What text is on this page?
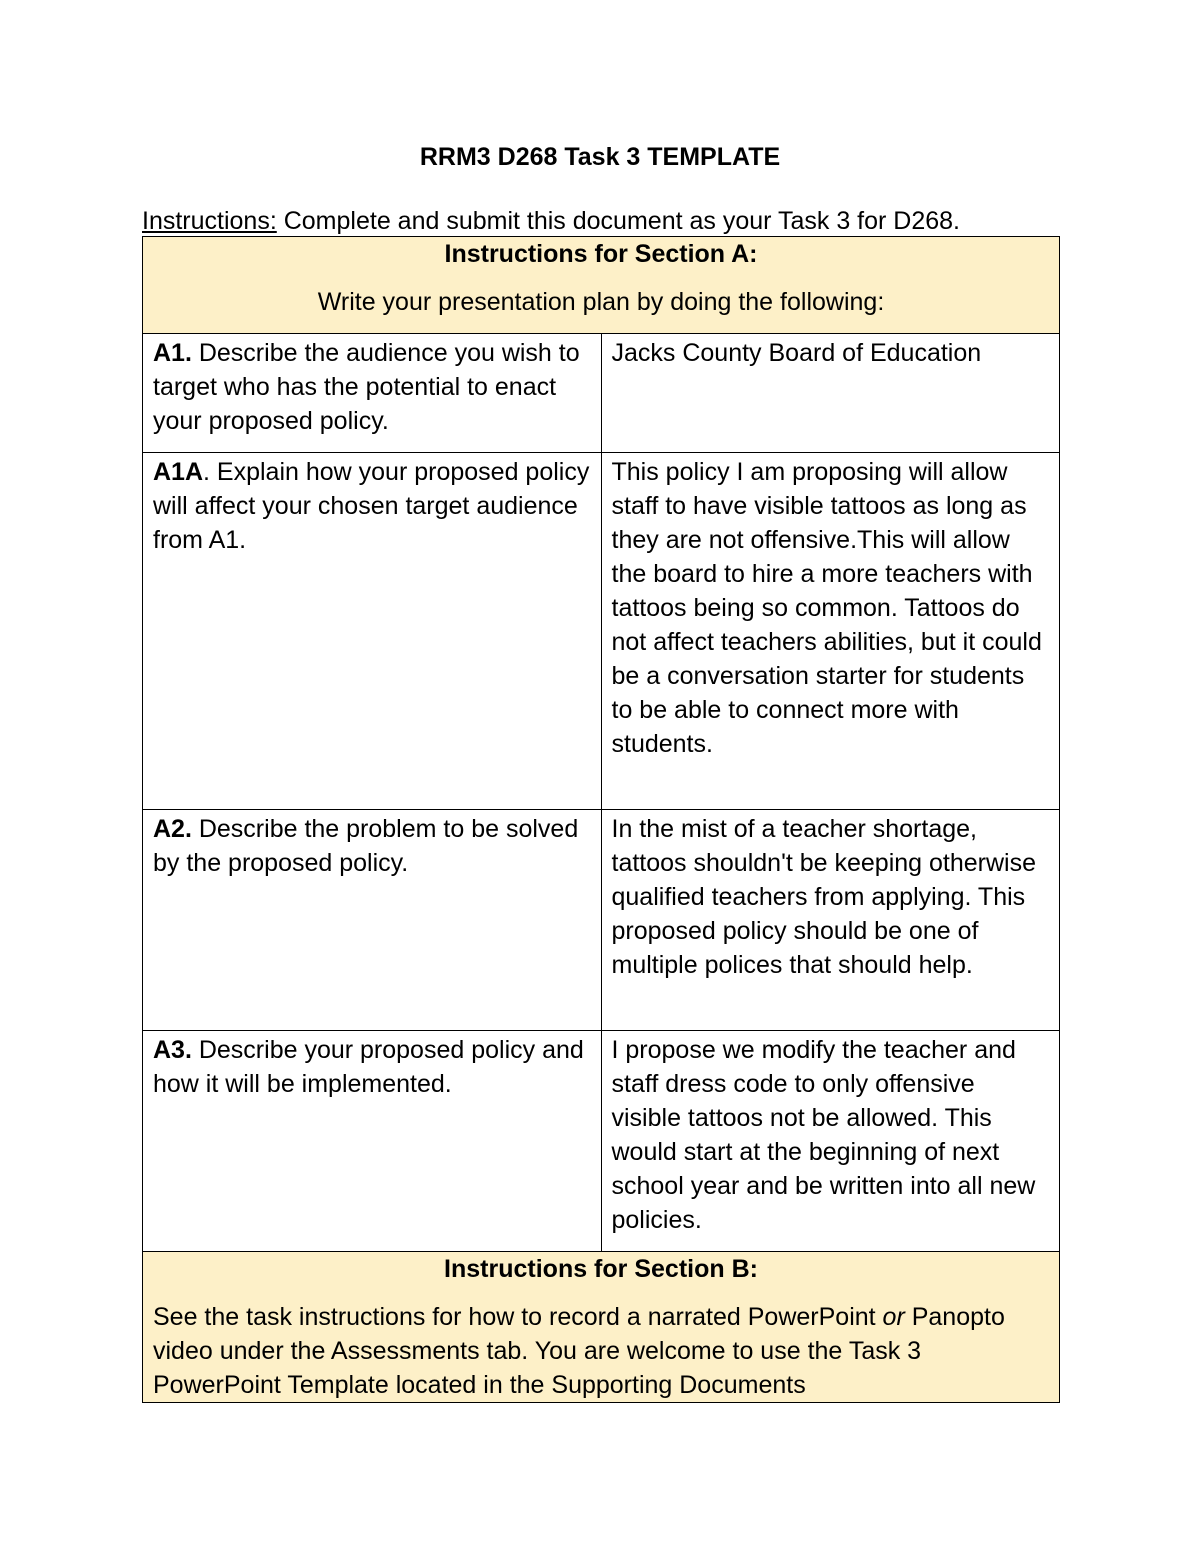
RRM3 D268 Task 3 TEMPLATE
Instructions: Complete and submit this document as your Task 3 for D268.
Instructions for Section A:
Write your presentation plan by doing the following:	

A1. Describe the audience you wish to target who has the potential to enact your proposed policy.	Jacks County Board of Education
A1A. Explain how your proposed policy will affect your chosen target audience from A1.	This policy I am proposing will allow staff to have visible tattoos as long as they are not offensive.This will allow the board to hire a more teachers with tattoos being so common. Tattoos do not affect teachers abilities, but it could be a conversation starter for students to be able to connect more with students.
A2. Describe the problem to be solved by the proposed policy.	In the mist of a teacher shortage, tattoos shouldn't be keeping otherwise qualified teachers from applying. This proposed policy should be one of multiple polices that should help.
A3. Describe your proposed policy and how it will be implemented.	I propose we modify the teacher and staff dress code to only offensive visible tattoos not be allowed. This would start at the beginning of next school year and be written into all new policies.

Instructions for Section B:
See the task instructions for how to record a narrated PowerPoint or Panopto video under the Assessments tab. You are welcome to use the Task 3 PowerPoint Template located in the Supporting Documents	
